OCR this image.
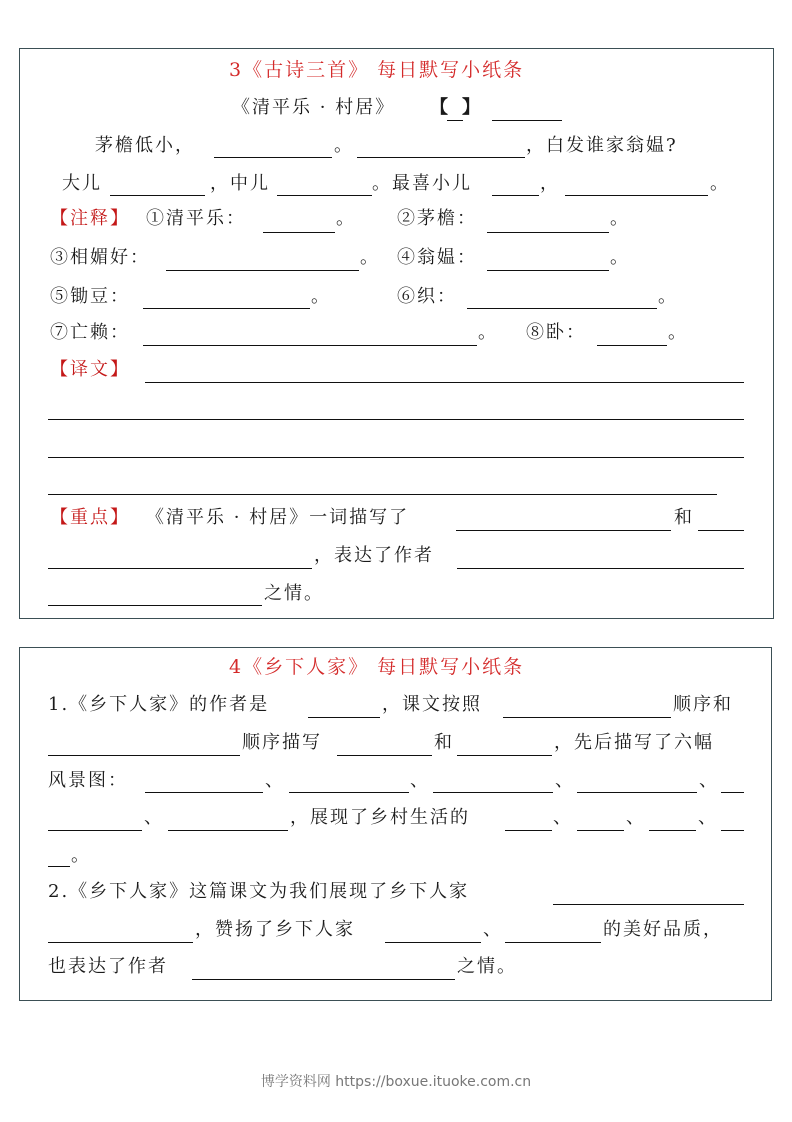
3《古诗三首》 每日默写小纸条
《清平乐 · 村居》 【 】
茅檐低小，	。	，白发谁家翁媪?
大儿	，中儿	。最喜小儿	，	。
【注释】 ①清平乐：	。 ②茅檐：	。
③相媚好：	。 ④翁媪：	。
⑤锄豆：	。	⑥织：	。
⑦亡赖：	。 ⑧卧：	。
【译文】
【重点】 《清平乐 · 村居》一词描写了	和
，表达了作者
之情。
4《乡下人家》 每日默写小纸条
1.《乡下人家》的作者是	，课文按照	顺序和
顺序描写	和	，先后描写了六幅
风景图：	、	、	、	、
、	，展现了乡村生活的	、	、	、
。
2.《乡下人家》这篇课文为我们展现了乡下人家
，赞扬了乡下人家	、	的美好品质，
也表达了作者	之情。
博学资料网 https://boxue.ituoke.com.cn
